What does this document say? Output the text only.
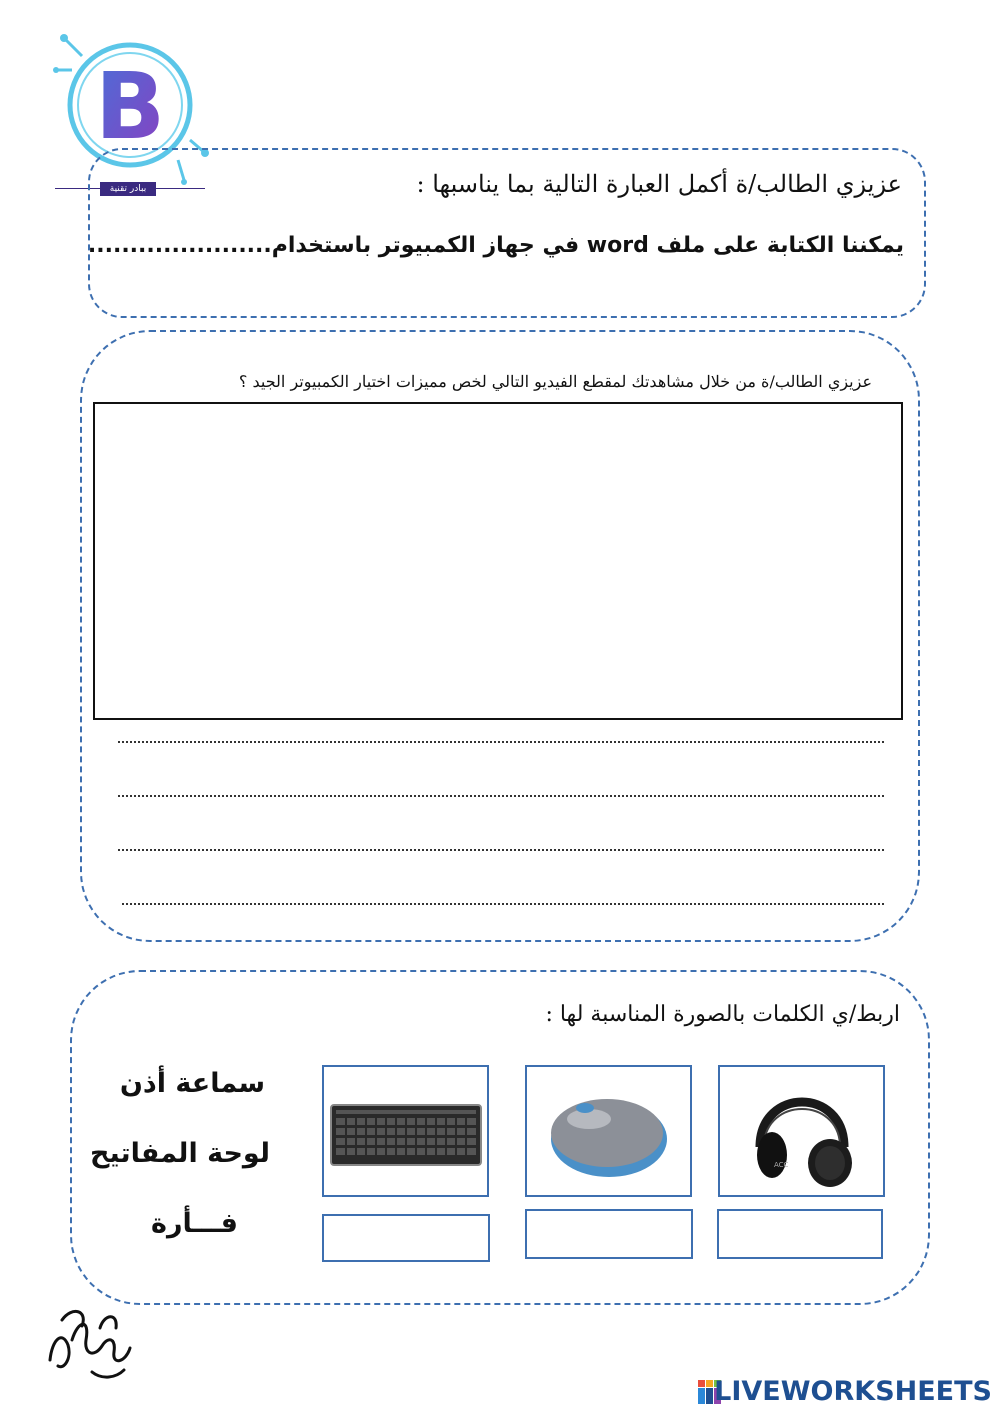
B
ببادر تقنية	عزيزي الطالب/ة أكمل العبارة التالية بما يناسبها :
يمكننا الكتابة على ملف word في جهاز الكمبيوتر باستخدام......................
عزيزي الطالب/ة من خلال مشاهدتك لمقطع الفيديو التالي لخص مميزات اختيار الكمبيوتر الجيد ؟
اربط/ي الكلمات بالصورة المناسبة لها :
سماعة أذن
لوحة المفاتيح
فـــأرة
ACC
LIVEWORKSHEETS
